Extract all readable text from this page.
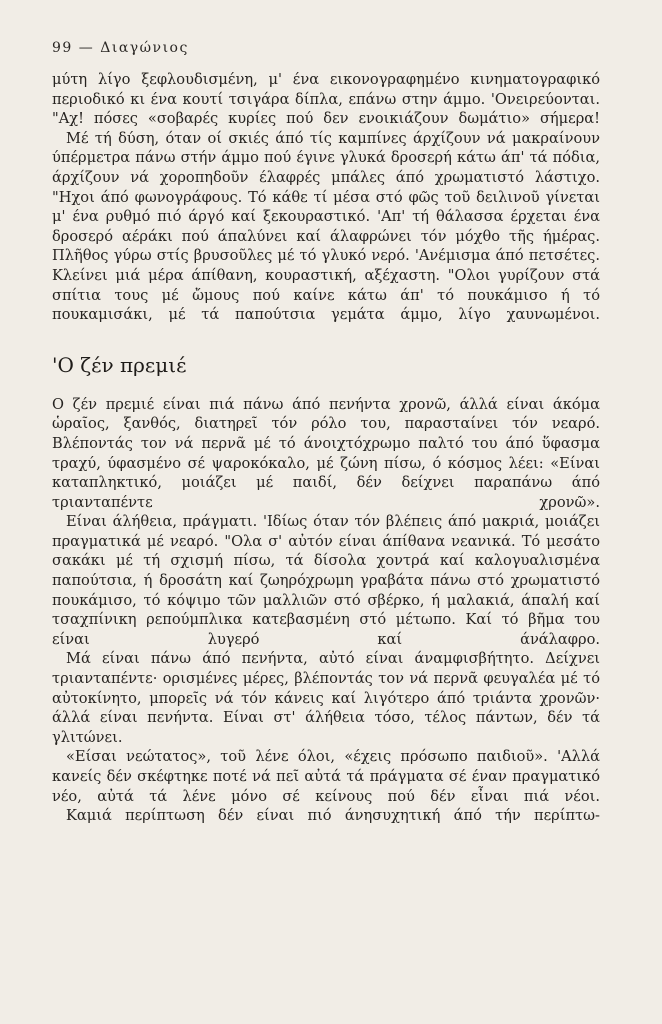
99 — Διαγώνιος

μύτη λίγο ξεφλουδισμένη, μ' ένα εικονογραφημένο κινηματογραφικό περιοδικό κι ένα κουτί τσιγάρα δίπλα, επάνω στην άμμο. 'Ονειρεύονται. "Αχ! πόσες «σοβαρές κυρίες πού δεν ενοικιάζουν δωμάτιο» σήμερα!

Μέ τή δύση, όταν οί σκιές άπό τίς καμπίνες άρχίζουν νά μακραίνουν ύπέρμετρα πάνω στήν άμμο πού έγινε γλυκά δροσερή κάτω άπ' τά πόδια, άρχίζουν νά χοροπηδοῦν έλαφρές μπάλες άπό χρωματιστό λάστιχο. "Ηχοι άπό φωνογράφους. Τό κάθε τί μέσα στό φῶς τοῦ δειλινοῦ γίνεται μ' ένα ρυθμό πιό άργό καί ξεκουραστικό. 'Απ' τή θάλασσα έρχεται ένα δροσερό αέράκι πού άπαλύνει καί άλαφρώνει τόν μόχθο τῆς ήμέρας. Πλῆθος γύρω στίς βρυσοῦλες μέ τό γλυκό νερό. 'Ανέμισμα άπό πετσέτες. Κλείνει μιά μέρα άπίθανη, κουραστική, αξέχαστη. "Ολοι γυρίζουν στά σπίτια τους μέ ὤμους πού καίνε κάτω άπ' τό πουκάμισο ή τό πουκαμισάκι, μέ τά παπούτσια γεμάτα άμμο, λίγο χαυνωμένοι.

'Ο ζέν πρεμιέ

Ο ζέν πρεμιέ είναι πιά πάνω άπό πενήντα χρονῶ, άλλά είναι άκόμα ὡραῖος, ξανθός, διατηρεῖ τόν ρόλο του, παρασταίνει τόν νεαρό. Βλέποντάς τον νά περνᾶ μέ τό άνοιχτόχρωμο παλτό του άπό ὕφασμα τραχύ, ύφασμένο σέ ψαροκόκαλο, μέ ζώνη πίσω, ό κόσμος λέει: «Είναι καταπληκτικό, μοιάζει μέ παιδί, δέν δείχνει παραπάνω άπό τριανταπέντε χρονῶ».

Είναι άλήθεια, πράγματι. 'Ιδίως όταν τόν βλέπεις άπό μακριά, μοιάζει πραγματικά μέ νεαρό. "Ολα σ' αὐτόν είναι άπίθανα νεανικά. Τό μεσάτο σακάκι μέ τή σχισμή πίσω, τά δίσολα χοντρά καί καλογυαλισμένα παπούτσια, ή δροσάτη καί ζωηρόχρωμη γραβάτα πάνω στό χρωματιστό πουκάμισο, τό κόψιμο τῶν μαλλιῶν στό σβέρκο, ή μαλακιά, άπαλή καί τσαχπίνικη ρεπούμπλικα κατεβασμένη στό μέτωπο. Καί τό βῆμα του είναι λυγερό καί άνάλαφρο.

Μά είναι πάνω άπό πενήντα, αὐτό είναι άναμφισβήτητο. Δείχνει τριανταπέντε· ορισμένες μέρες, βλέποντάς τον νά περνᾶ φευγαλέα μέ τό αὐτοκίνητο, μπορεῖς νά τόν κάνεις καί λιγότερο άπό τριάντα χρονῶν· άλλά είναι πενήντα. Είναι στ' άλήθεια τόσο, τέλος πάντων, δέν τά γλιτώνει.

«Είσαι νεώτατος», τοῦ λένε όλοι, «έχεις πρόσωπο παιδιοῦ». 'Αλλά κανείς δέν σκέφτηκε ποτέ νά πεῖ αὐτά τά πράγματα σέ έναν πραγματικό νέο, αὐτά τά λένε μόνο σέ κείνους πού δέν εἶναι πιά νέοι.

Καμιά περίπτωση δέν είναι πιό άνησυχητική άπό τήν περίπτω-
